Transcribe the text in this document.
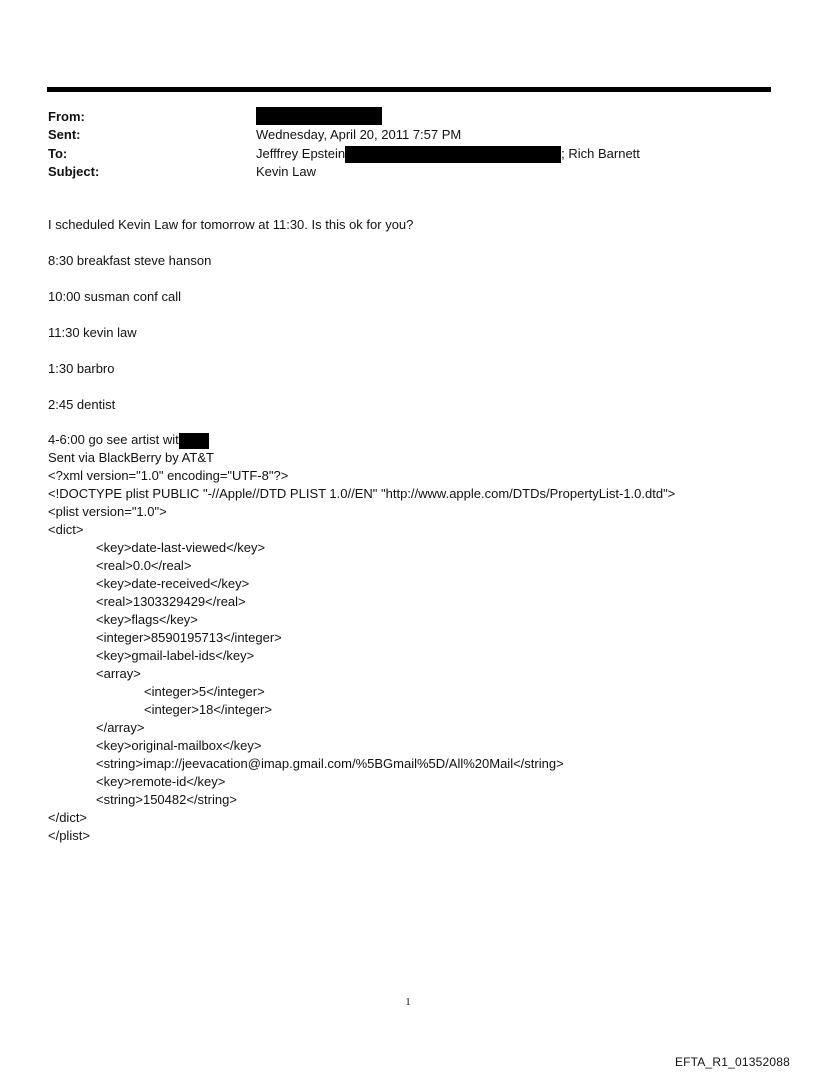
From:
Sent:	Wednesday, April 20, 2011 7:57 PM
To:	Jefffrey Epstein	; Rich Barnett
Subject:	Kevin Law
I scheduled Kevin Law for tomorrow at 11:30. Is this ok for you?
8:30 breakfast steve hanson
10:00 susman conf call
11:30 kevin law
1:30 barbro
2:45 dentist
4-6:00 go see artist wit
Sent via BlackBerry by AT&T
<?xml version="1.0" encoding="UTF-8"?>
<!DOCTYPE plist PUBLIC "-//Apple//DTD PLIST 1.0//EN" "http://www.apple.com/DTDs/PropertyList-1.0.dtd">
<plist version="1.0">
<dict>
<key>date-last-viewed</key>
<real>0.0</real>
<key>date-received</key>
<real>1303329429</real>
<key>flags</key>
<integer>8590195713</integer>
<key>gmail-label-ids</key>
<array>
<integer>5</integer>
<integer>18</integer>
</array>
<key>original-mailbox</key>
<string>imap://jeevacation@imap.gmail.com/%5BGmail%5D/All%20Mail</string>
<key>remote-id</key>
<string>150482</string>
</dict>
</plist>
1
EFTA_R1_01352088
